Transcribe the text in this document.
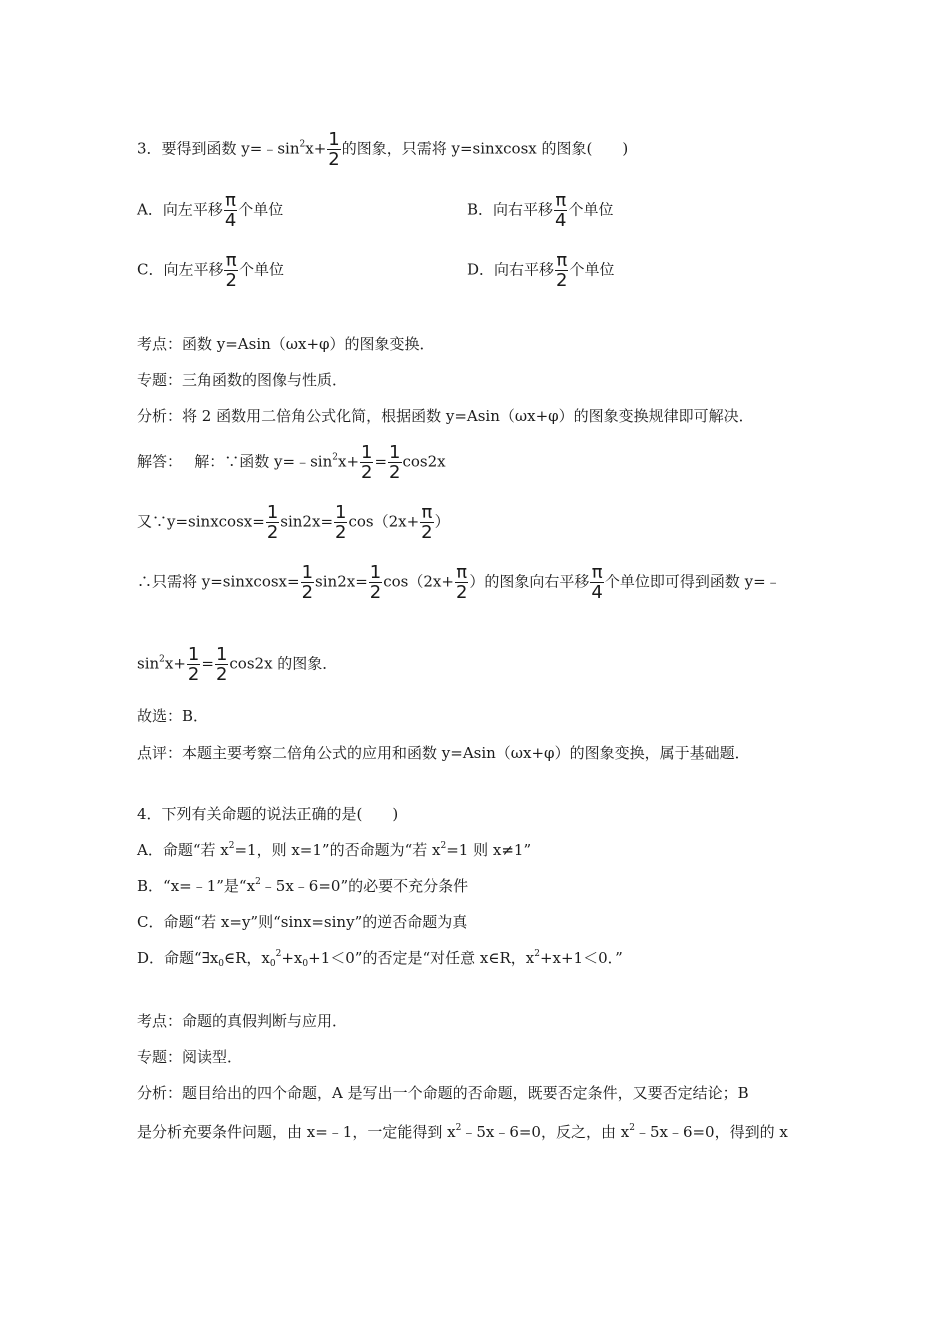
3．要得到函数 $y=﹣\sin^2x+ \frac{1}{2}$ 的图象，只需将 y=sinxcosx 的图象(　　)
A．向左平移 $\frac{\pi}{4}$ 个单位	B．向右平移 $\frac{\pi}{4}$ 个单位
C．向左平移 $\frac{\pi}{2}$ 个单位	D．向右平移 $\frac{\pi}{2}$ 个单位
考点：函数 y=Asin（ωx+φ）的图象变换．
专题：三角函数的图像与性质．
分析：将 2 函数用二倍角公式化简，根据函数 y=Asin（ωx+φ）的图象变换规律即可解决．
解答：　 解：∵函数 $y=﹣\sin^2x+ \frac{1}{2} = \frac{1}{2} \cos 2x$
又∵y=sinxcosx= $\frac{1}{2} \sin 2x= \frac{1}{2} \cos(2x+ \frac{\pi}{2}$ ）
∴只需将 y=sinxcosx= $\frac{1}{2} \sin 2x= \frac{1}{2} \cos(2x+ \frac{\pi}{2}$ ）的图象向右平移 $\frac{\pi}{4}$ 个单位即可得到函数 y=﹣
$\sin^2x+ \frac{1}{2} = \frac{1}{2} \cos 2x$ 的图象．
故选：B．
点评：本题主要考察二倍角公式的应用和函数 y=Asin（ωx+φ）的图象变换，属于基础题．
4．下列有关命题的说法正确的是(　　)
A．命题“若 $x^2=1$，则 x=1”的否命题为“若 $x^2=1$ 则 x≠1”
B．“x=﹣1”是“$x^2﹣5x﹣6=0$”的必要不充分条件
C．命题“若 x=y”则“sinx=siny”的逆否命题为真
D．命题“$\exists x_0\in R$，$x_0^2+x_0+1<0$”的否定是“对任意 x∈R，$x^2+x+1<0$．”
考点：命题的真假判断与应用．
专题：阅读型．
分析：题目给出的四个命题，A 是写出一个命题的否命题，既要否定条件，又要否定结论；B
是分析充要条件问题，由 x=﹣1，一定能得到 $x^2﹣5x﹣6=0$，反之，由 $x^2﹣5x﹣6=0$，得到的 x
